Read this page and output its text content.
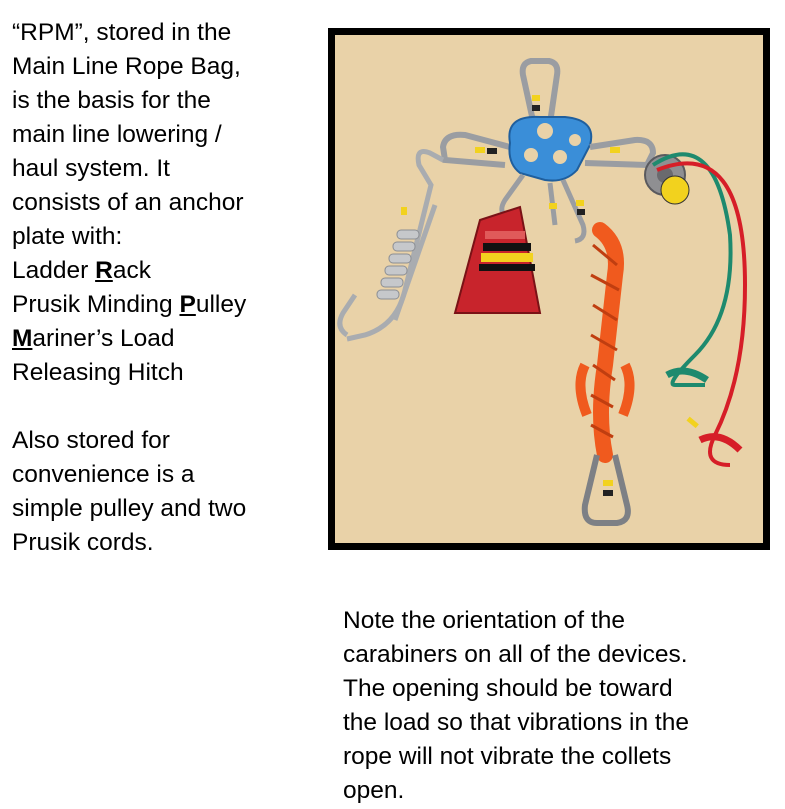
“RPM”, stored in the
Main Line Rope Bag,
is the basis for the
main line lowering /
haul system. It
consists of an anchor
plate with:
Ladder Rack
Prusik Minding Pulley
Mariner’s Load
Releasing Hitch
Also stored for
convenience is a
simple pulley and two
Prusik cords.
Note the orientation of the
carabiners on all of the devices.
The opening should be toward
the load so that vibrations in the
rope will not vibrate the collets
open.
